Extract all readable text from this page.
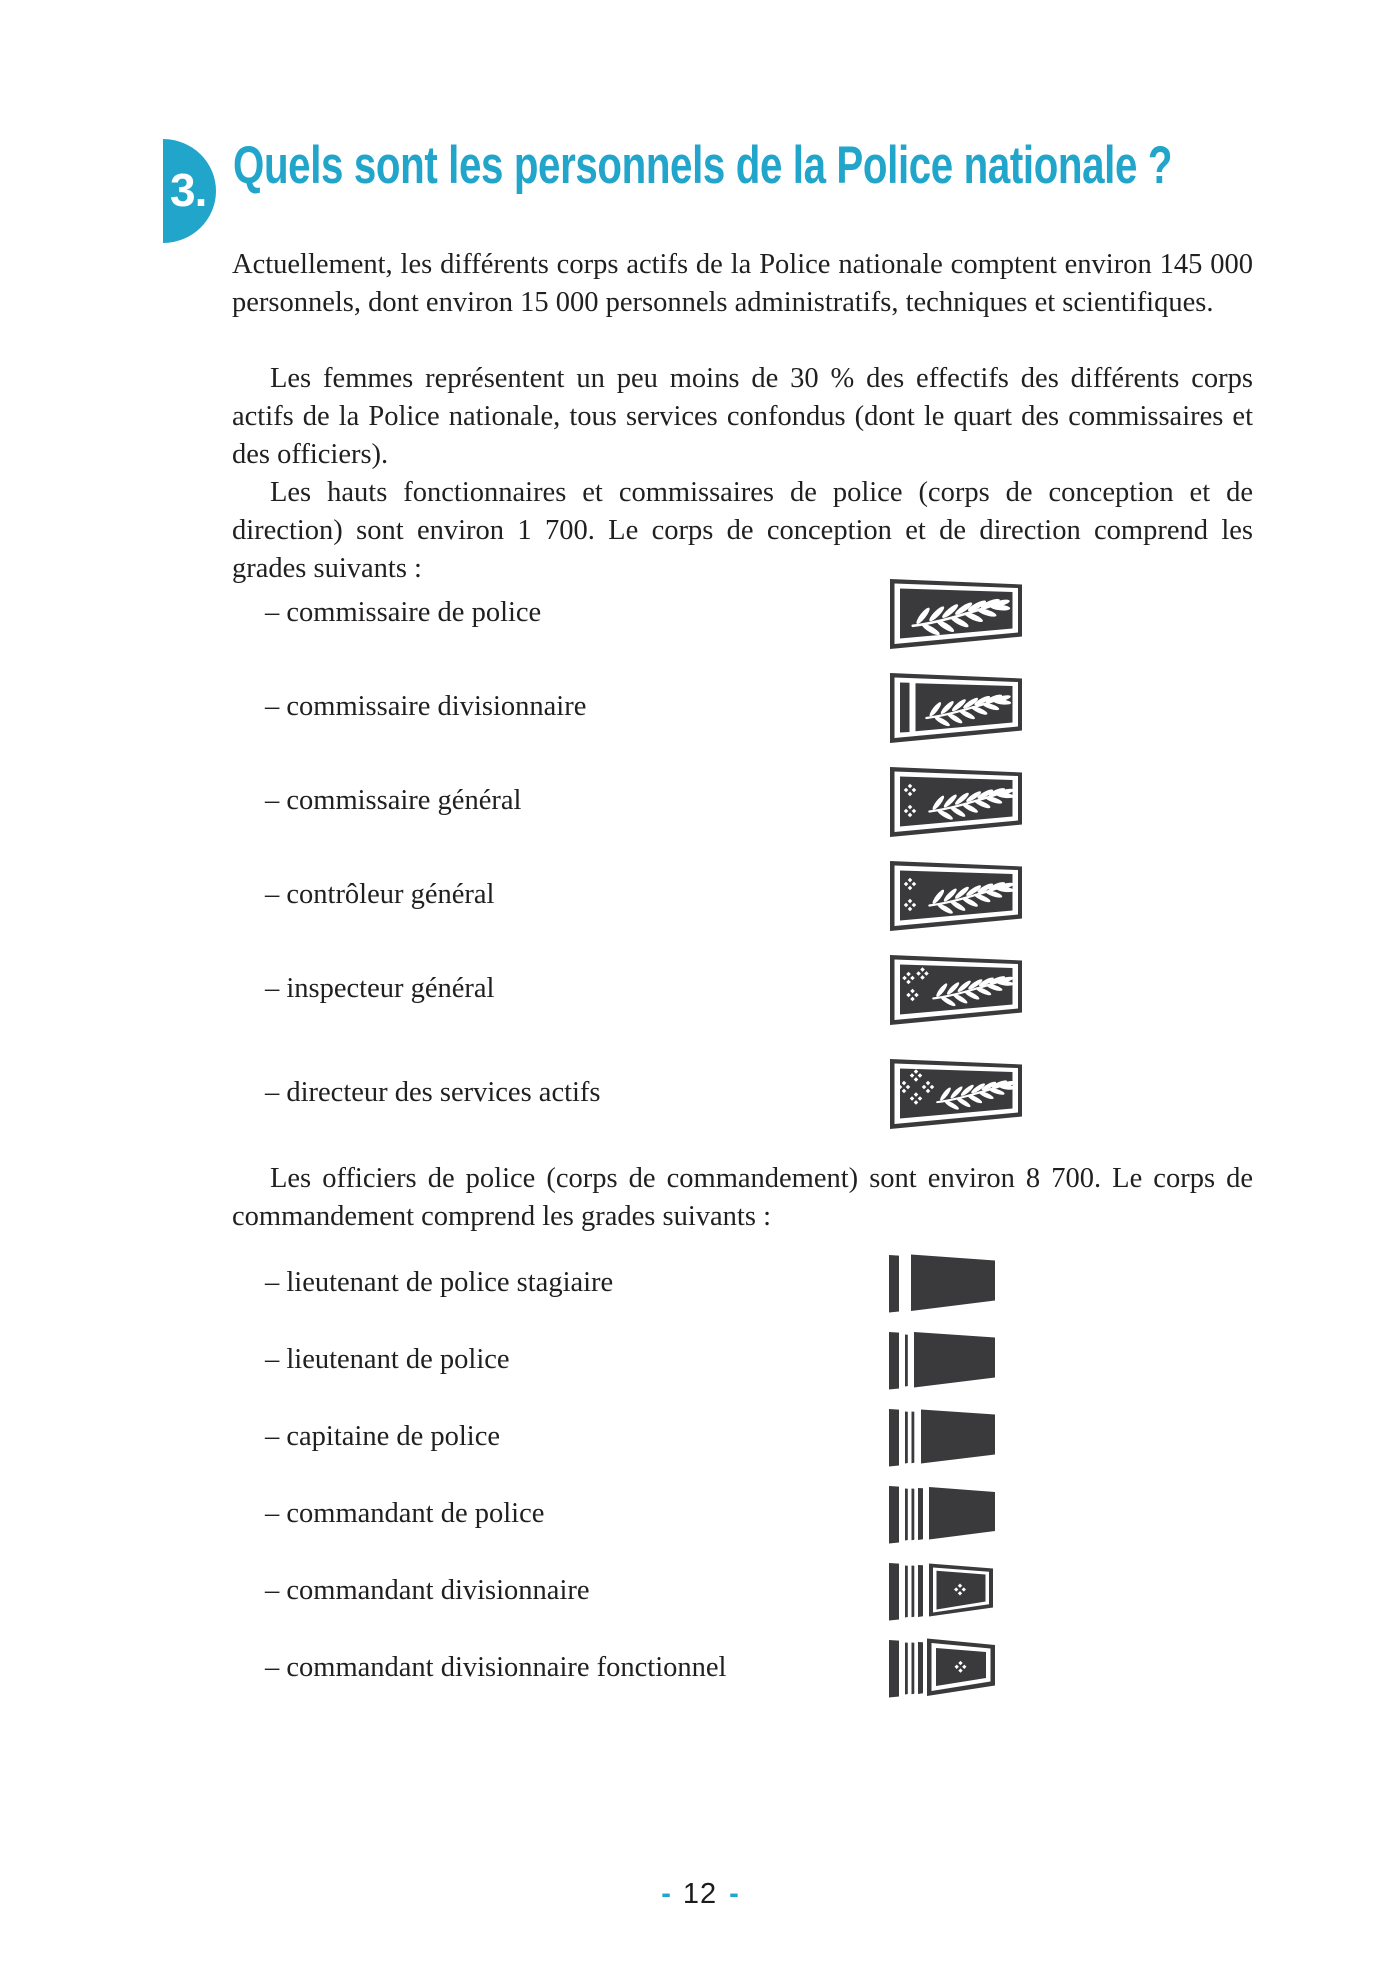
3. Quels sont les personnels de la Police nationale ?

Actuellement, les différents corps actifs de la Police nationale comptent environ 145 000 personnels, dont environ 15 000 personnels administratifs, techniques et scientifiques.

Les femmes représentent un peu moins de 30 % des effectifs des différents corps actifs de la Police nationale, tous services confondus (dont le quart des commissaires et des officiers).

Les hauts fonctionnaires et commissaires de police (corps de conception et de direction) sont environ 1 700. Le corps de conception et de direction comprend les grades suivants :

– commissaire de police
– commissaire divisionnaire
– commissaire général
– contrôleur général
– inspecteur général
– directeur des services actifs

Les officiers de police (corps de commandement) sont environ 8 700. Le corps de commandement comprend les grades suivants :

– lieutenant de police stagiaire
– lieutenant de police
– capitaine de police
– commandant de police
– commandant divisionnaire
– commandant divisionnaire fonctionnel
- 12 -
